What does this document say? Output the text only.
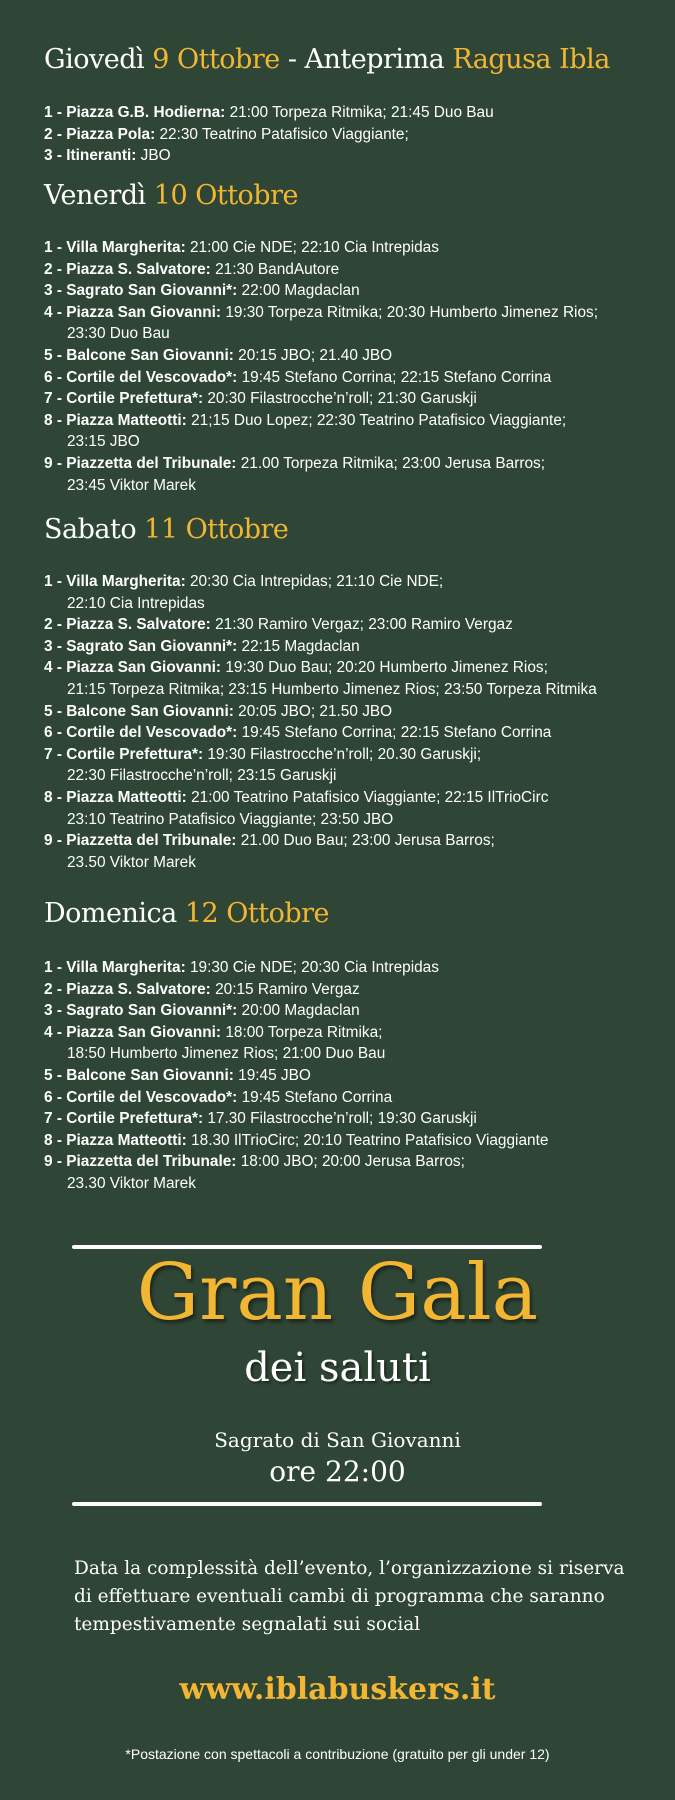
Giovedì 9 Ottobre - Anteprima Ragusa Ibla
1 - Piazza G.B. Hodierna: 21:00 Torpeza Ritmika; 21:45 Duo Bau
2 - Piazza Pola: 22:30 Teatrino Patafisico Viaggiante;
3 - Itineranti: JBO
Venerdì 10 Ottobre
1 - Villa Margherita: 21:00 Cie NDE; 22:10 Cia Intrepidas
2 - Piazza S. Salvatore: 21:30 BandAutore
3 - Sagrato San Giovanni*: 22:00 Magdaclan
4 - Piazza San Giovanni: 19:30 Torpeza Ritmika; 20:30 Humberto Jimenez Rios;
23:30 Duo Bau
5 - Balcone San Giovanni: 20:15 JBO; 21.40 JBO
6 - Cortile del Vescovado*: 19:45 Stefano Corrina; 22:15 Stefano Corrina
7 - Cortile Prefettura*: 20:30 Filastrocche’n’roll; 21:30 Garuskji
8 - Piazza Matteotti: 21;15 Duo Lopez; 22:30 Teatrino Patafisico Viaggiante;
23:15 JBO
9 - Piazzetta del Tribunale: 21.00 Torpeza Ritmika; 23:00 Jerusa Barros;
23:45 Viktor Marek
Sabato 11 Ottobre
1 - Villa Margherita: 20:30 Cia Intrepidas; 21:10 Cie NDE;
22:10 Cia Intrepidas
2 - Piazza S. Salvatore: 21:30 Ramiro Vergaz; 23:00 Ramiro Vergaz
3 - Sagrato San Giovanni*: 22:15 Magdaclan
4 - Piazza San Giovanni: 19:30 Duo Bau; 20:20 Humberto Jimenez Rios;
21:15 Torpeza Ritmika; 23:15 Humberto Jimenez Rios; 23:50 Torpeza Ritmika
5 - Balcone San Giovanni: 20:05 JBO; 21.50 JBO
6 - Cortile del Vescovado*: 19:45 Stefano Corrina; 22:15 Stefano Corrina
7 - Cortile Prefettura*: 19:30 Filastrocche’n’roll; 20.30 Garuskji;
22:30 Filastrocche’n’roll; 23:15 Garuskji
8 - Piazza Matteotti: 21:00 Teatrino Patafisico Viaggiante; 22:15 IlTrioCirc
23:10 Teatrino Patafisico Viaggiante; 23:50 JBO
9 - Piazzetta del Tribunale: 21.00 Duo Bau; 23:00 Jerusa Barros;
23.50 Viktor Marek
Domenica 12 Ottobre
1 - Villa Margherita: 19:30 Cie NDE; 20:30 Cia Intrepidas
2 - Piazza S. Salvatore: 20:15 Ramiro Vergaz
3 - Sagrato San Giovanni*: 20:00 Magdaclan
4 - Piazza San Giovanni: 18:00 Torpeza Ritmika;
18:50 Humberto Jimenez Rios; 21:00 Duo Bau
5 - Balcone San Giovanni: 19:45 JBO
6 - Cortile del Vescovado*: 19:45 Stefano Corrina
7 - Cortile Prefettura*: 17.30 Filastrocche’n’roll; 19:30 Garuskji
8 - Piazza Matteotti: 18.30 IlTrioCirc; 20:10 Teatrino Patafisico Viaggiante
9 - Piazzetta del Tribunale: 18:00 JBO; 20:00 Jerusa Barros;
23.30 Viktor Marek
Gran Gala
dei saluti
Sagrato di San Giovanni
ore 22:00
Data la complessità dell’evento, l’organizzazione si riserva di effettuare eventuali cambi di programma che saranno tempestivamente segnalati sui social
www.iblabuskers.it
*Postazione con spettacoli a contribuzione (gratuito per gli under 12)
